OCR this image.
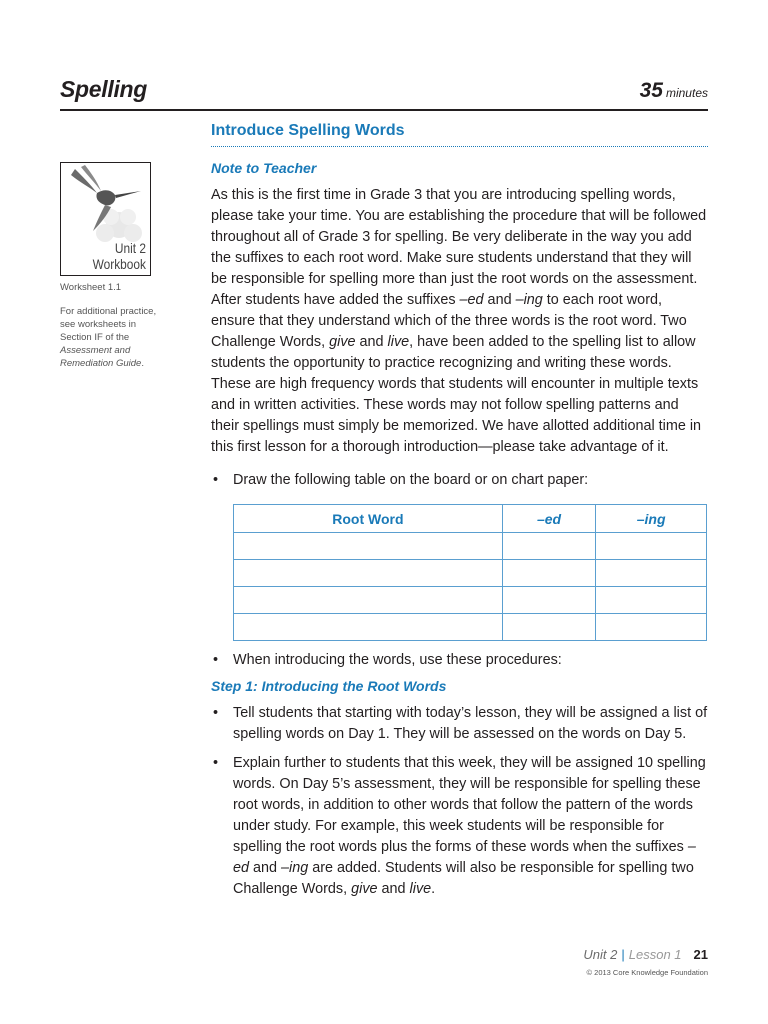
Spelling	35 minutes
Unit 2
Workbook
Worksheet 1.1
For additional practice, see worksheets in Section IF of the Assessment and Remediation Guide.
Introduce Spelling Words
Note to Teacher
As this is the first time in Grade 3 that you are introducing spelling words, please take your time. You are establishing the procedure that will be followed throughout all of Grade 3 for spelling. Be very deliberate in the way you add the suffixes to each root word. Make sure students understand that they will be responsible for spelling more than just the root words on the assessment. After students have added the suffixes –ed and –ing to each root word, ensure that they understand which of the three words is the root word. Two Challenge Words, give and live, have been added to the spelling list to allow students the opportunity to practice recognizing and writing these words. These are high frequency words that students will encounter in multiple texts and in written activities. These words may not follow spelling patterns and their spellings must simply be memorized. We have allotted additional time in this first lesson for a thorough introduction—please take advantage of it.
• Draw the following table on the board or on chart paper:
Root Word	–ed	–ing

• When introducing the words, use these procedures:
Step 1: Introducing the Root Words
• Tell students that starting with today’s lesson, they will be assigned a list of spelling words on Day 1. They will be assessed on the words on Day 5.
• Explain further to students that this week, they will be assigned 10 spelling words. On Day 5’s assessment, they will be responsible for spelling these root words, in addition to other words that follow the pattern of the words under study. For example, this week students will be responsible for spelling the root words plus the forms of these words when the suffixes –ed and –ing are added. Students will also be responsible for spelling two Challenge Words, give and live.
Unit 2 | Lesson 1 21
© 2013 Core Knowledge Foundation
